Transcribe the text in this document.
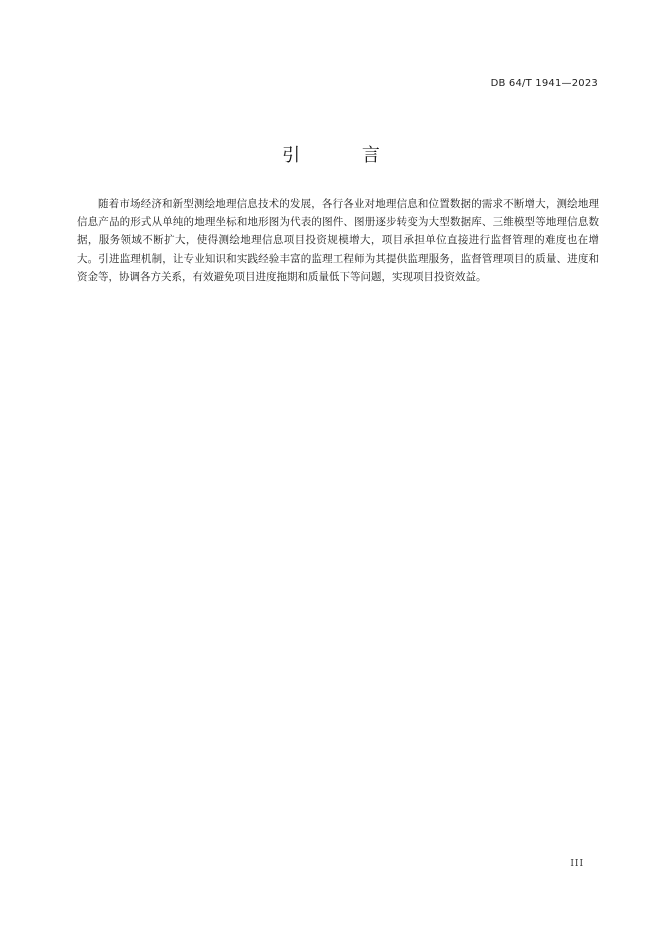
DB 64/T 1941—2023
引 言

随着市场经济和新型测绘地理信息技术的发展，各行各业对地理信息和位置数据的需求不断增大，测绘地理信息产品的形式从单纯的地理坐标和地形图为代表的图件、图册逐步转变为大型数据库、三维模型等地理信息数据，服务领域不断扩大，使得测绘地理信息项目投资规模增大，项目承担单位直接进行监督管理的难度也在增大。引进监理机制，让专业知识和实践经验丰富的监理工程师为其提供监理服务，监督管理项目的质量、进度和资金等，协调各方关系，有效避免项目进度拖期和质量低下等问题，实现项目投资效益。

III
